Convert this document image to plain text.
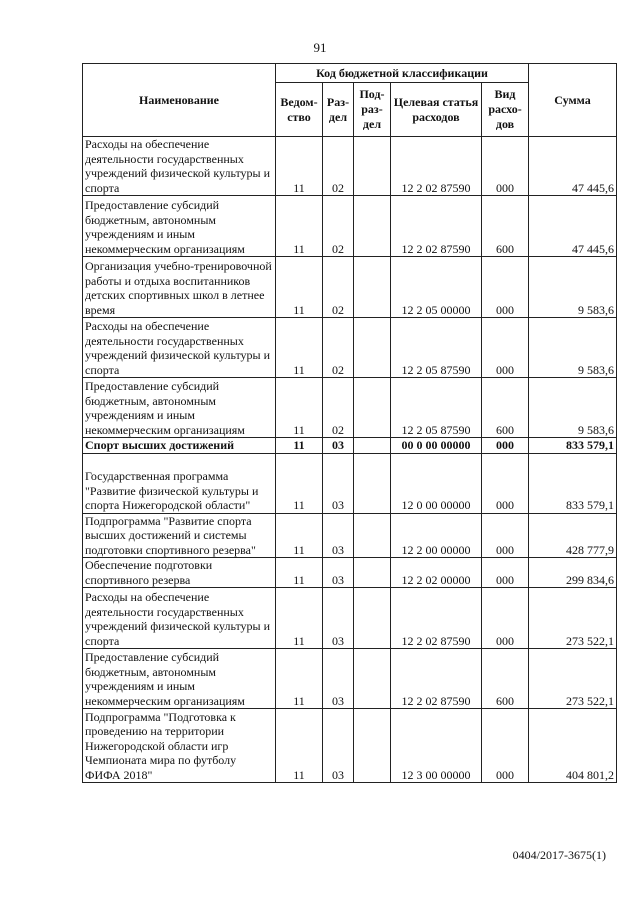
91
Наименование	Код бюджетной классификации					Сумма
	Ведом-ство	Раз-дел	Под-раз-дел	Целевая статья расходов	Вид расхо-дов	
Расходы на обеспечение деятельности государственных учреждений физической культуры и спорта	11	02		12 2 02 87590	000	47 445,6
Предоставление субсидий бюджетным, автономным учреждениям и иным некоммерческим организациям	11	02		12 2 02 87590	600	47 445,6
Организация учебно-тренировочной работы и отдыха воспитанников детских спортивных школ в летнее время	11	02		12 2 05 00000	000	9 583,6
Расходы на обеспечение деятельности государственных учреждений физической культуры и спорта	11	02		12 2 05 87590	000	9 583,6
Предоставление субсидий бюджетным, автономным учреждениям и иным некоммерческим организациям	11	02		12 2 05 87590	600	9 583,6
Спорт высших достижений	11	03		00 0 00 00000	000	833 579,1
Государственная программа "Развитие физической культуры и спорта Нижегородской области"	11	03		12 0 00 00000	000	833 579,1
Подпрограмма "Развитие спорта высших достижений и системы подготовки спортивного резерва"	11	03		12 2 00 00000	000	428 777,9
Обеспечение подготовки спортивного резерва	11	03		12 2 02 00000	000	299 834,6
Расходы на обеспечение деятельности государственных учреждений физической культуры и спорта	11	03		12 2 02 87590	000	273 522,1
Предоставление субсидий бюджетным, автономным учреждениям и иным некоммерческим организациям	11	03		12 2 02 87590	600	273 522,1
Подпрограмма "Подготовка к проведению на территории Нижегородской области игр Чемпионата мира по футболу ФИФА 2018"	11	03		12 3 00 00000	000	404 801,2
0404/2017-3675(1)
